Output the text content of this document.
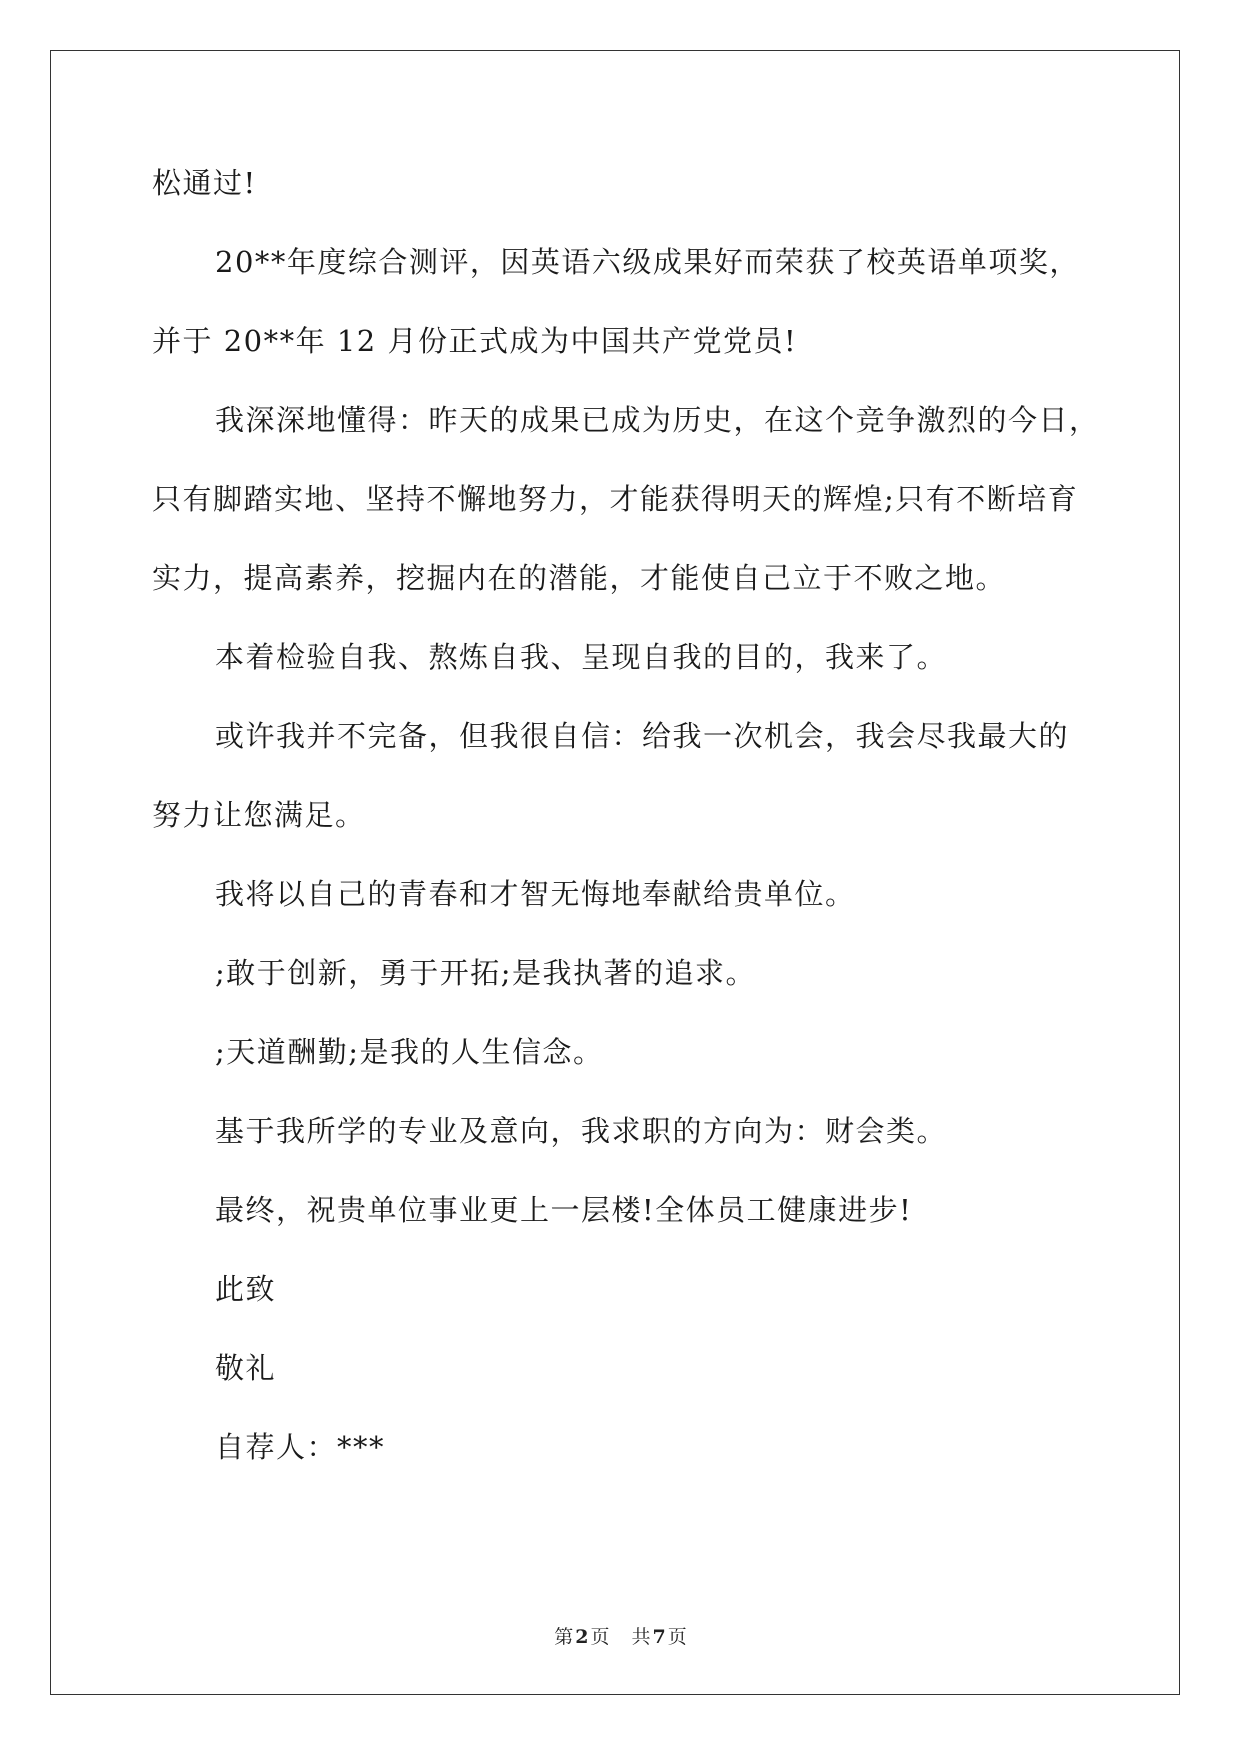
松通过!
20**年度综合测评，因英语六级成果好而荣获了校英语单项奖，
并于 20**年 12 月份正式成为中国共产党党员!
我深深地懂得：昨天的成果已成为历史，在这个竞争激烈的今日，
只有脚踏实地、坚持不懈地努力，才能获得明天的辉煌;只有不断培育
实力，提高素养，挖掘内在的潜能，才能使自己立于不败之地。
本着检验自我、熬炼自我、呈现自我的目的，我来了。
或许我并不完备，但我很自信：给我一次机会，我会尽我最大的
努力让您满足。
我将以自己的青春和才智无悔地奉献给贵单位。
;敢于创新，勇于开拓;是我执著的追求。
;天道酬勤;是我的人生信念。
基于我所学的专业及意向，我求职的方向为：财会类。
最终，祝贵单位事业更上一层楼!全体员工健康进步!
此致
敬礼
自荐人：***
第 2 页 共 7 页
